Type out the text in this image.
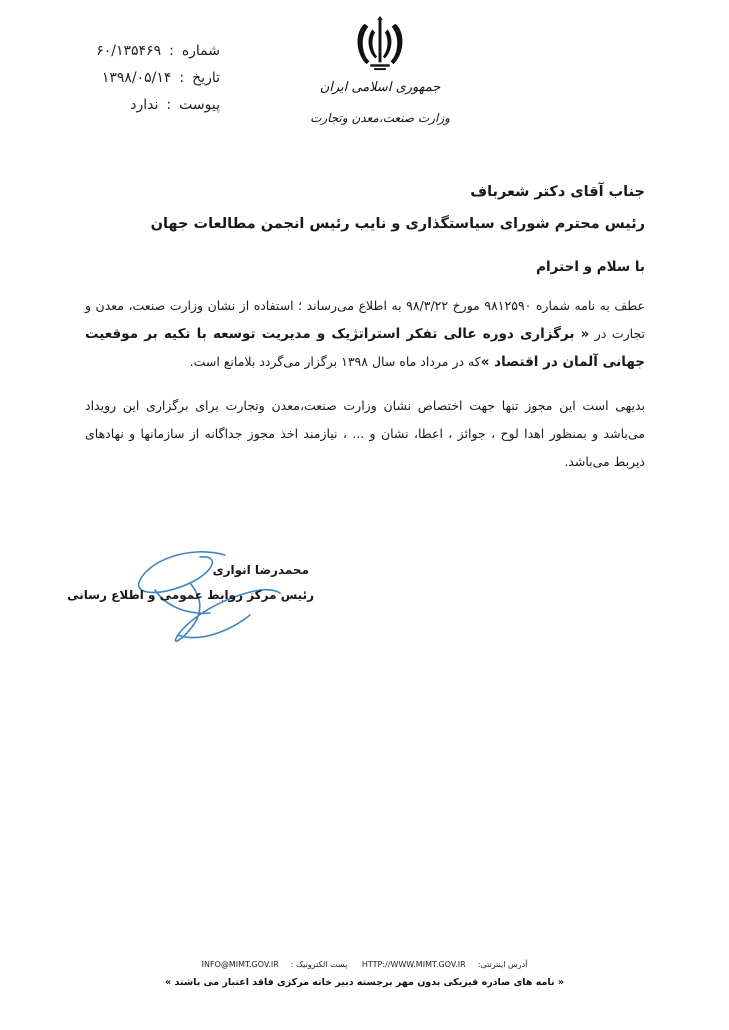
شماره
:
۶۰/۱۳۵۴۶۹
تاریخ
:
۱۳۹۸/۰۵/۱۴
پیوست
:
ندارد
جمهوری اسلامی ایران
وزارت صنعت،معدن وتجارت
جناب آقای دکتر شعرباف
رئیس محترم شورای سیاستگذاری و نایب رئیس انجمن مطالعات جهان
با سلام و احترام

عطف به نامه شماره ۹۸۱۲۵۹۰ مورخ ۹۸/۳/۲۲ به اطلاع می‌رساند ؛ استفاده از نشان وزارت صنعت، معدن و تجارت در « برگزاری دوره عالی تفکر استراتژیک و مدیریت توسعه با تکیه بر موقعیت جهانی آلمان در اقتصاد »که در مرداد ماه سال ۱۳۹۸ برگزار می‌گردد بلامانع است.

بدیهی است این مجوز تنها جهت اختصاص نشان وزارت صنعت،معدن وتجارت برای برگزاری این رویداد می‌باشد و بمنظور اهدا لوح ، جوائز ، اعطا، نشان و ... ، نیازمند اخذ مجوز جداگانه از سازمانها و نهادهای ذیربط می‌باشد.

محمدرضا انواری
رئیس مرکز روابط عمومی و اطلاع رسانی
آدرس اینترنتی:HTTP://WWW.MIMT.GOV.IR پست الکترونیک :INFO@MIMT.GOV.IR
« نامه های صادره فیزیکی بدون مهر برجسته دبیر خانه مرکزی فاقد اعتبار می باشند »
